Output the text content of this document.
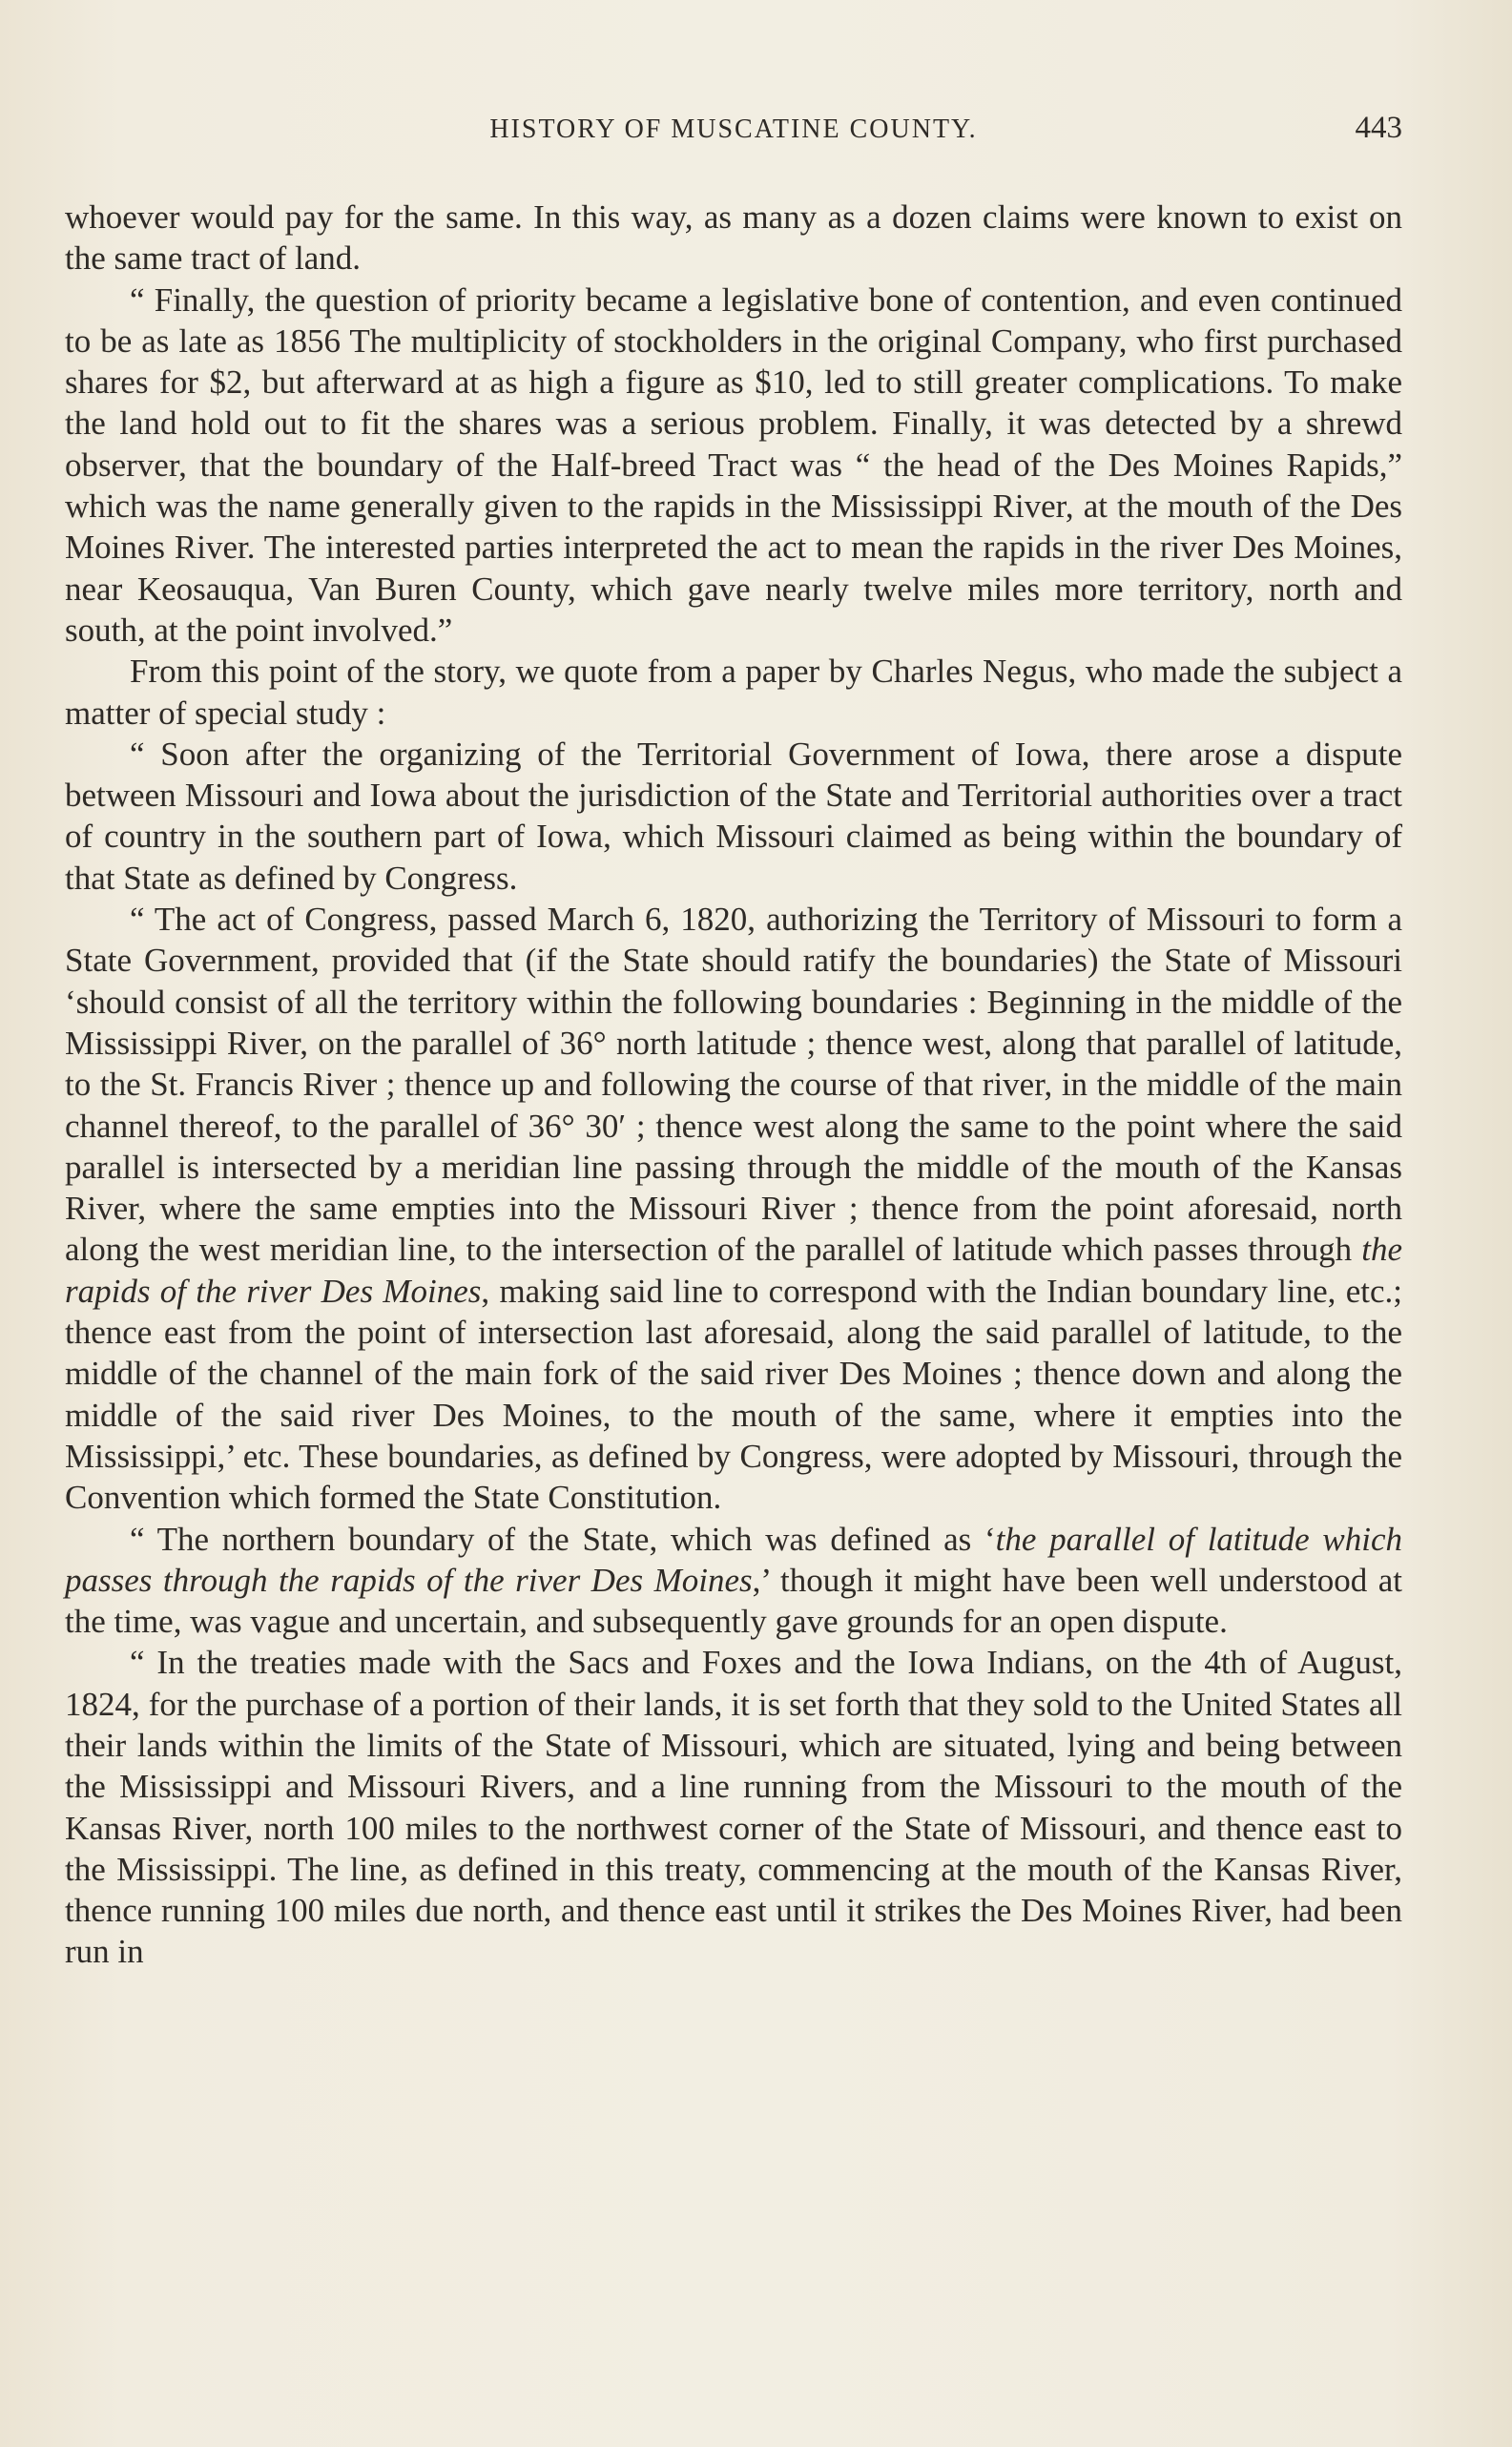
HISTORY OF MUSCATINE COUNTY.	443

whoever would pay for the same. In this way, as many as a dozen claims were known to exist on the same tract of land.

“ Finally, the question of priority became a legislative bone of contention, and even continued to be as late as 1856 The multiplicity of stockholders in the original Company, who first purchased shares for $2, but afterward at as high a figure as $10, led to still greater complications. To make the land hold out to fit the shares was a serious problem. Finally, it was detected by a shrewd observer, that the boundary of the Half-breed Tract was “ the head of the Des Moines Rapids,” which was the name generally given to the rapids in the Mississippi River, at the mouth of the Des Moines River. The interested parties interpreted the act to mean the rapids in the river Des Moines, near Keosauqua, Van Buren County, which gave nearly twelve miles more territory, north and south, at the point involved.”

From this point of the story, we quote from a paper by Charles Negus, who made the subject a matter of special study :

“ Soon after the organizing of the Territorial Government of Iowa, there arose a dispute between Missouri and Iowa about the jurisdiction of the State and Territorial authorities over a tract of country in the southern part of Iowa, which Missouri claimed as being within the boundary of that State as defined by Congress.

“ The act of Congress, passed March 6, 1820, authorizing the Territory of Missouri to form a State Government, provided that (if the State should ratify the boundaries) the State of Missouri ‘should consist of all the territory within the following boundaries : Beginning in the middle of the Mississippi River, on the parallel of 36° north latitude ; thence west, along that parallel of latitude, to the St. Francis River ; thence up and following the course of that river, in the middle of the main channel thereof, to the parallel of 36° 30′ ; thence west along the same to the point where the said parallel is intersected by a meridian line passing through the middle of the mouth of the Kansas River, where the same empties into the Missouri River ; thence from the point aforesaid, north along the west meridian line, to the intersection of the parallel of latitude which passes through the rapids of the river Des Moines, making said line to correspond with the Indian boundary line, etc.; thence east from the point of intersection last aforesaid, along the said parallel of latitude, to the middle of the channel of the main fork of the said river Des Moines ; thence down and along the middle of the said river Des Moines, to the mouth of the same, where it empties into the Mississippi,’ etc. These boundaries, as defined by Congress, were adopted by Missouri, through the Convention which formed the State Constitution.

“ The northern boundary of the State, which was defined as ‘the parallel of latitude which passes through the rapids of the river Des Moines,’ though it might have been well understood at the time, was vague and uncertain, and subsequently gave grounds for an open dispute.

“ In the treaties made with the Sacs and Foxes and the Iowa Indians, on the 4th of August, 1824, for the purchase of a portion of their lands, it is set forth that they sold to the United States all their lands within the limits of the State of Missouri, which are situated, lying and being between the Mississippi and Missouri Rivers, and a line running from the Missouri to the mouth of the Kansas River, north 100 miles to the northwest corner of the State of Missouri, and thence east to the Mississippi. The line, as defined in this treaty, commencing at the mouth of the Kansas River, thence running 100 miles due north, and thence east until it strikes the Des Moines River, had been run in
